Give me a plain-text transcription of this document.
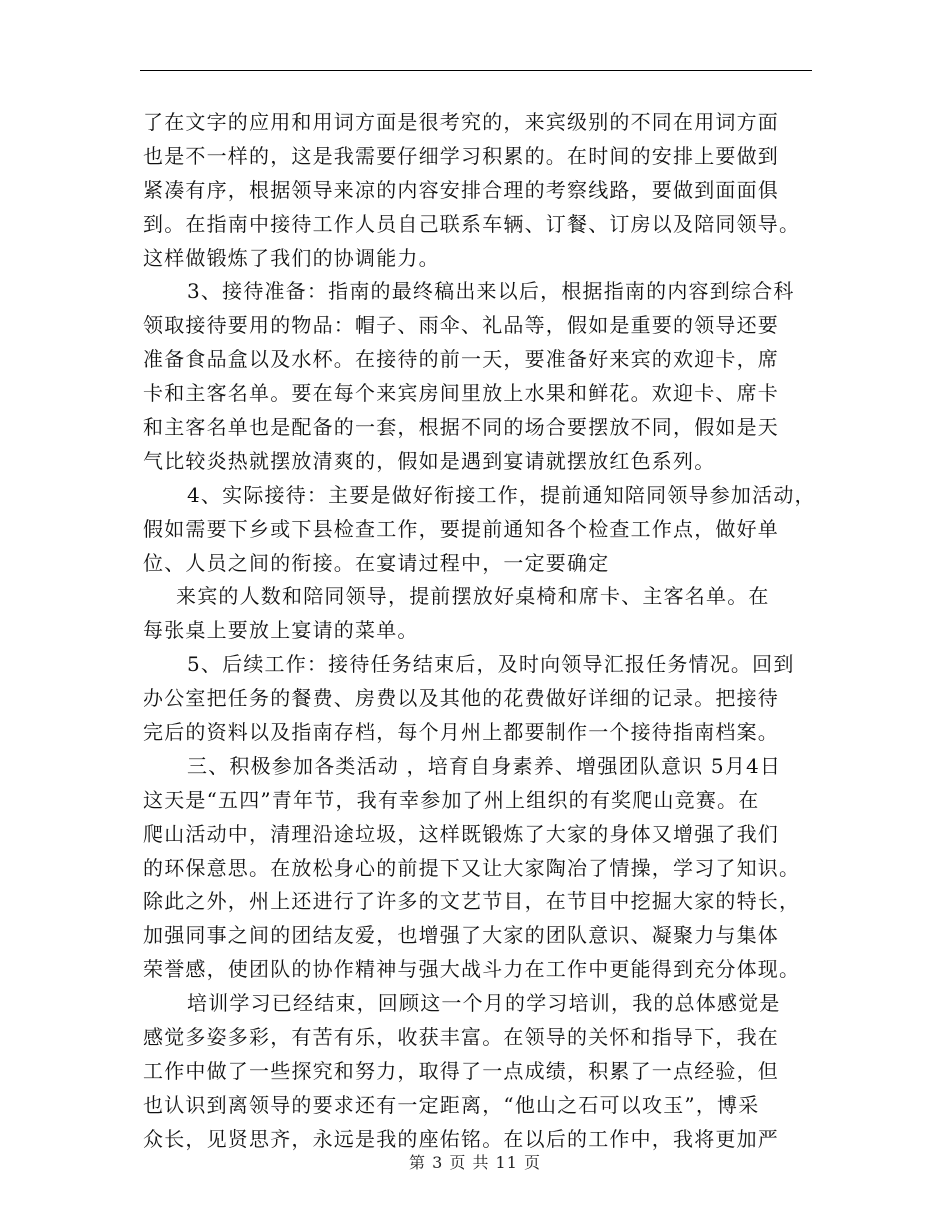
了在文字的应用和用词方面是很考究的，来宾级别的不同在用词方面
也是不一样的，这是我需要仔细学习积累的。在时间的安排上要做到
紧凑有序，根据领导来凉的内容安排合理的考察线路，要做到面面俱
到。在指南中接待工作人员自己联系车辆、订餐、订房以及陪同领导。
这样做锻炼了我们的协调能力。
3、接待准备：指南的最终稿出来以后，根据指南的内容到综合科
领取接待要用的物品：帽子、雨伞、礼品等，假如是重要的领导还要
准备食品盒以及水杯。在接待的前一天，要准备好来宾的欢迎卡，席
卡和主客名单。要在每个来宾房间里放上水果和鲜花。欢迎卡、席卡
和主客名单也是配备的一套，根据不同的场合要摆放不同，假如是天
气比较炎热就摆放清爽的，假如是遇到宴请就摆放红色系列。
4、实际接待：主要是做好衔接工作，提前通知陪同领导参加活动，
假如需要下乡或下县检查工作，要提前通知各个检查工作点，做好单
位、人员之间的衔接。在宴请过程中，一定要确定
来宾的人数和陪同领导，提前摆放好桌椅和席卡、主客名单。在
每张桌上要放上宴请的菜单。
5、后续工作：接待任务结束后，及时向领导汇报任务情况。回到
办公室把任务的餐费、房费以及其他的花费做好详细的记录。把接待
完后的资料以及指南存档，每个月州上都要制作一个接待指南档案。
三、积极参加各类活动 ，培育自身素养、增强团队意识 5月4日
这天是“五四”青年节，我有幸参加了州上组织的有奖爬山竞赛。在
爬山活动中，清理沿途垃圾，这样既锻炼了大家的身体又增强了我们
的环保意思。在放松身心的前提下又让大家陶冶了情操，学习了知识。
除此之外，州上还进行了许多的文艺节目，在节目中挖掘大家的特长，
加强同事之间的团结友爱，也增强了大家的团队意识、凝聚力与集体
荣誉感，使团队的协作精神与强大战斗力在工作中更能得到充分体现。
培训学习已经结束，回顾这一个月的学习培训，我的总体感觉是
感觉多姿多彩，有苦有乐，收获丰富。在领导的关怀和指导下，我在
工作中做了一些探究和努力，取得了一点成绩，积累了一点经验，但
也认识到离领导的要求还有一定距离，“他山之石可以攻玉”，博采
众长，见贤思齐，永远是我的座佑铭。在以后的工作中，我将更加严
第 3 页 共 11 页
